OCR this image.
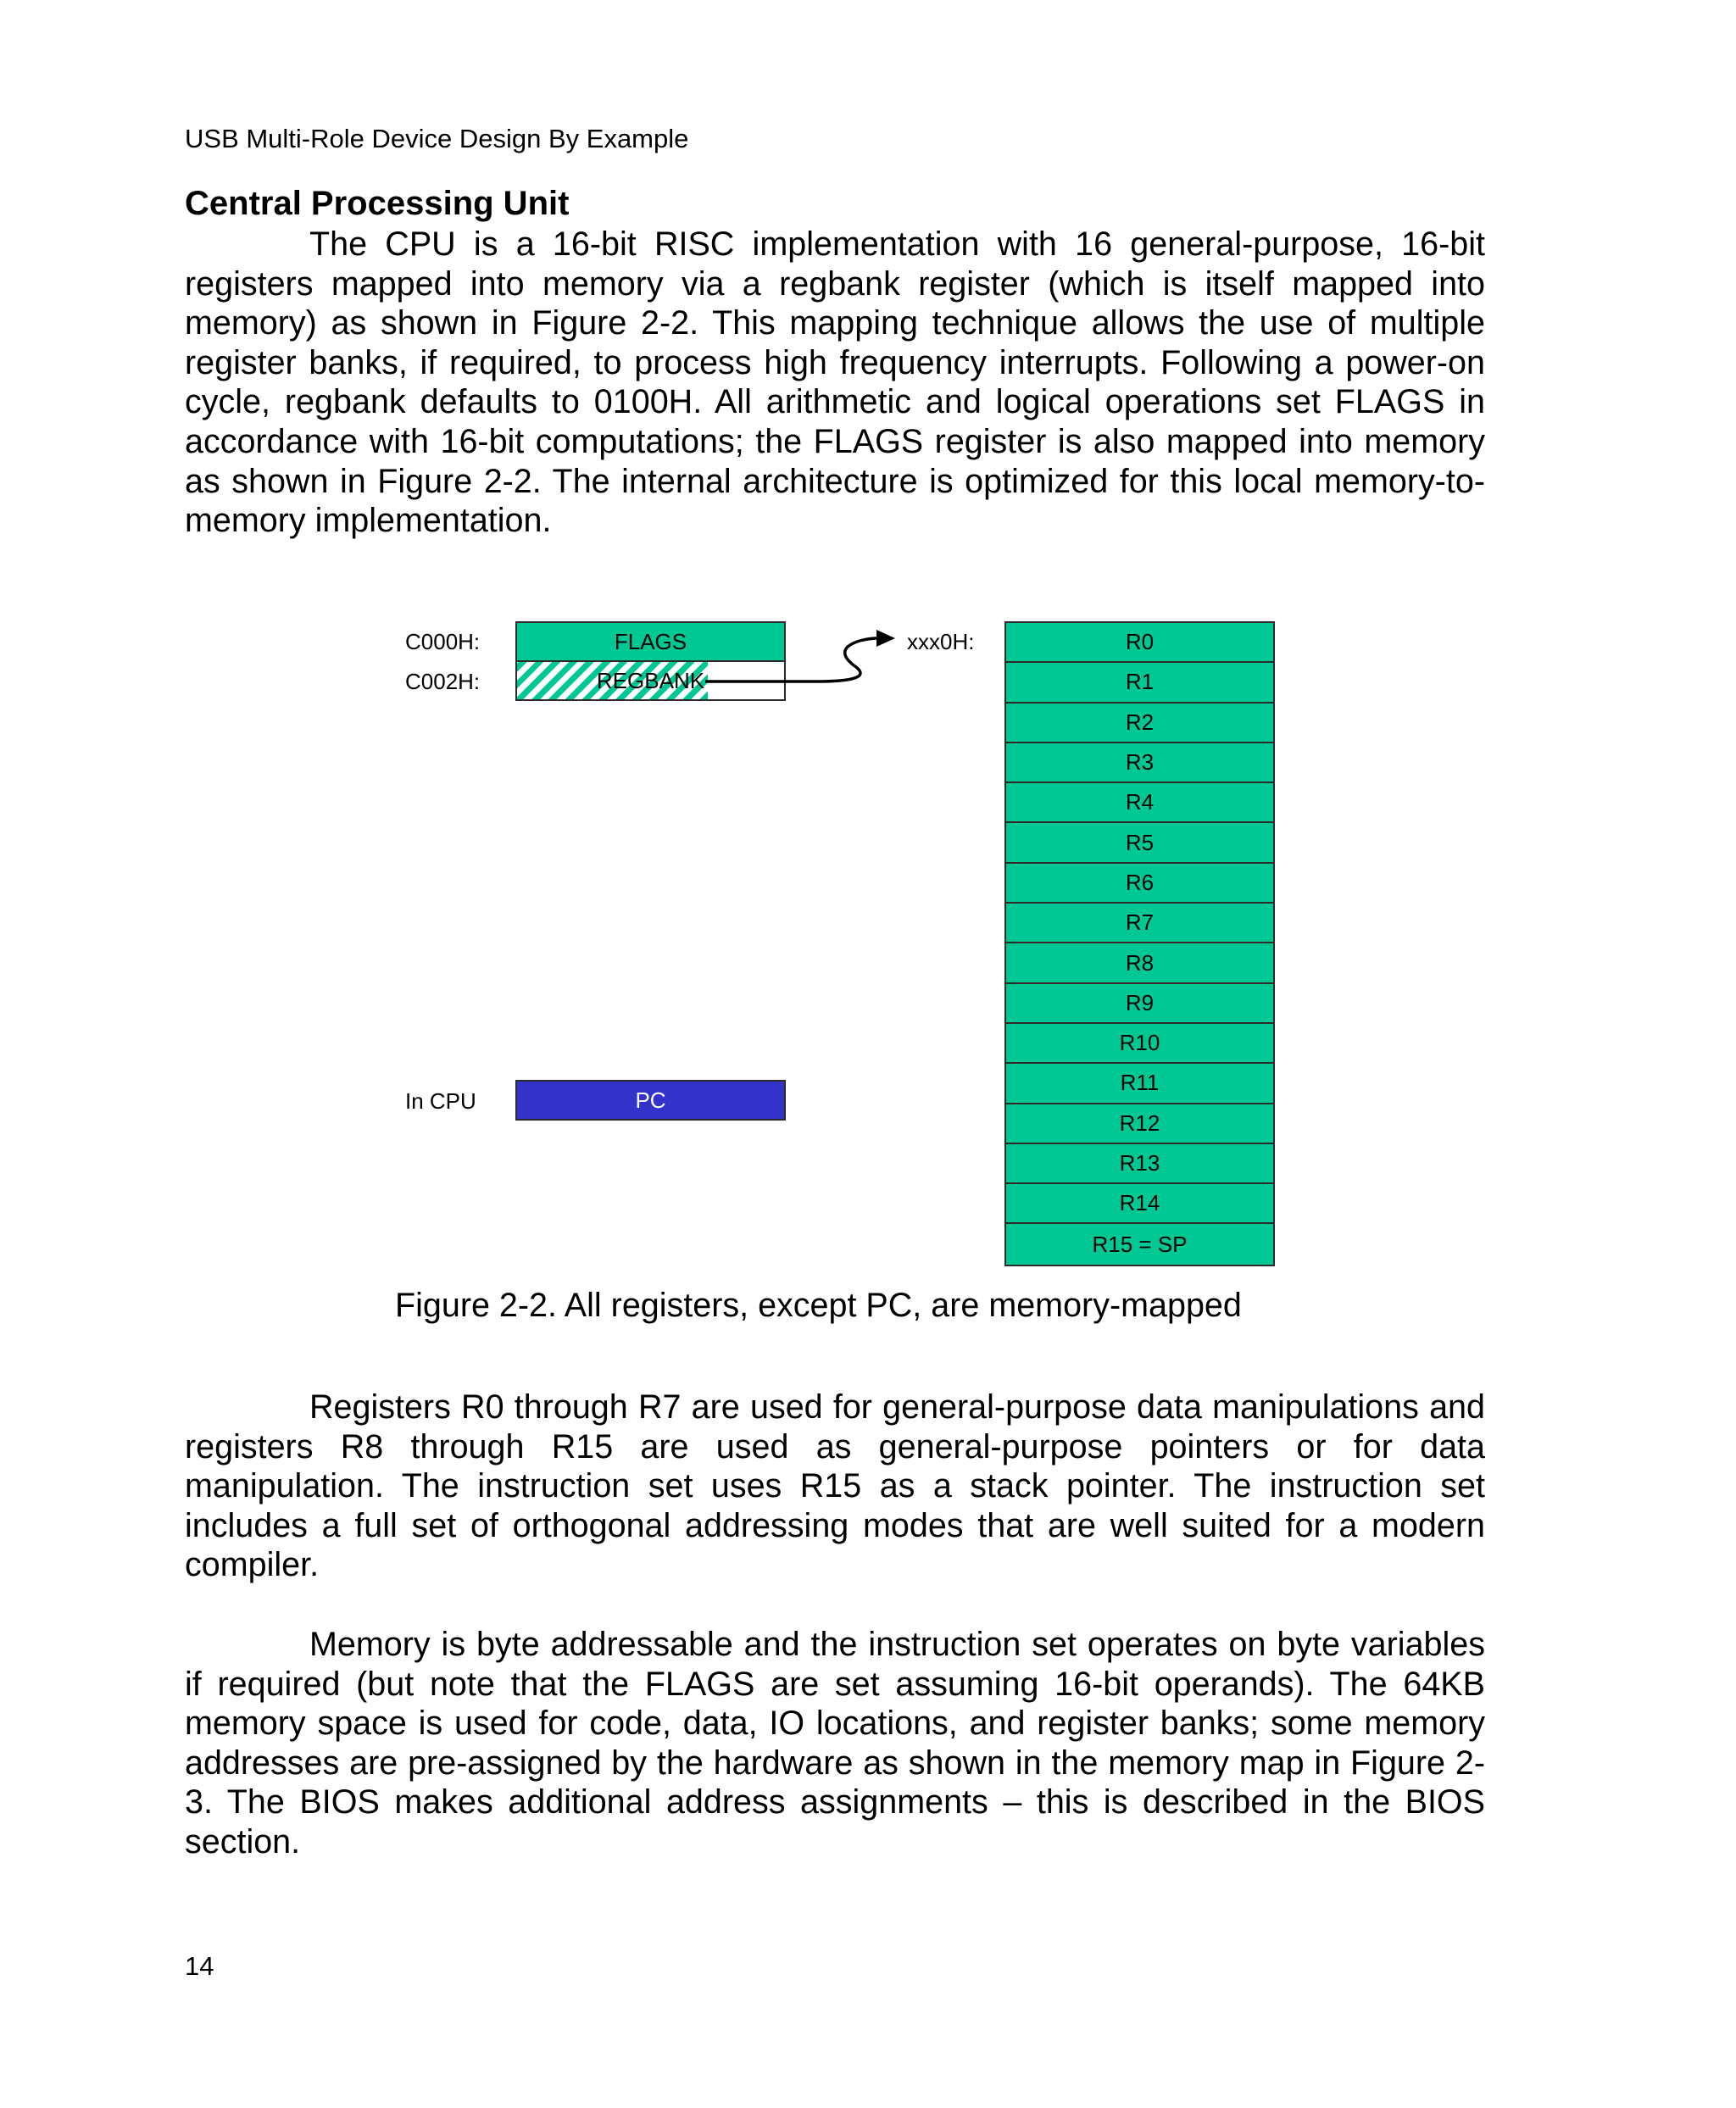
USB Multi-Role Device Design By Example
Central Processing Unit

The CPU is a 16-bit RISC implementation with 16 general-purpose, 16-bit registers mapped into memory via a regbank register (which is itself mapped into memory) as shown in Figure 2-2. This mapping technique allows the use of multiple register banks, if required, to process high frequency interrupts. Following a power-on cycle, regbank defaults to 0100H. All arithmetic and logical operations set FLAGS in accordance with 16-bit computations; the FLAGS register is also mapped into memory as shown in Figure 2-2. The internal architecture is optimized for this local memory-to-memory implementation.

C000H:
C002H:
xxx0H:
In CPU
FLAGS
REGBANK
PC
R0
R1
R2
R3
R4
R5
R6
R7
R8
R9
R10
R11
R12
R13
R14
R15 = SP
Figure 2-2. All registers, except PC, are memory-mapped

Registers R0 through R7 are used for general-purpose data manipulations and registers R8 through R15 are used as general-purpose pointers or for data manipulation. The instruction set uses R15 as a stack pointer. The instruction set includes a full set of orthogonal addressing modes that are well suited for a modern compiler.

Memory is byte addressable and the instruction set operates on byte variables if required (but note that the FLAGS are set assuming 16-bit operands). The 64KB memory space is used for code, data, IO locations, and register banks; some memory addresses are pre-assigned by the hardware as shown in the memory map in Figure 2-3. The BIOS makes additional address assignments – this is described in the BIOS section.

14
